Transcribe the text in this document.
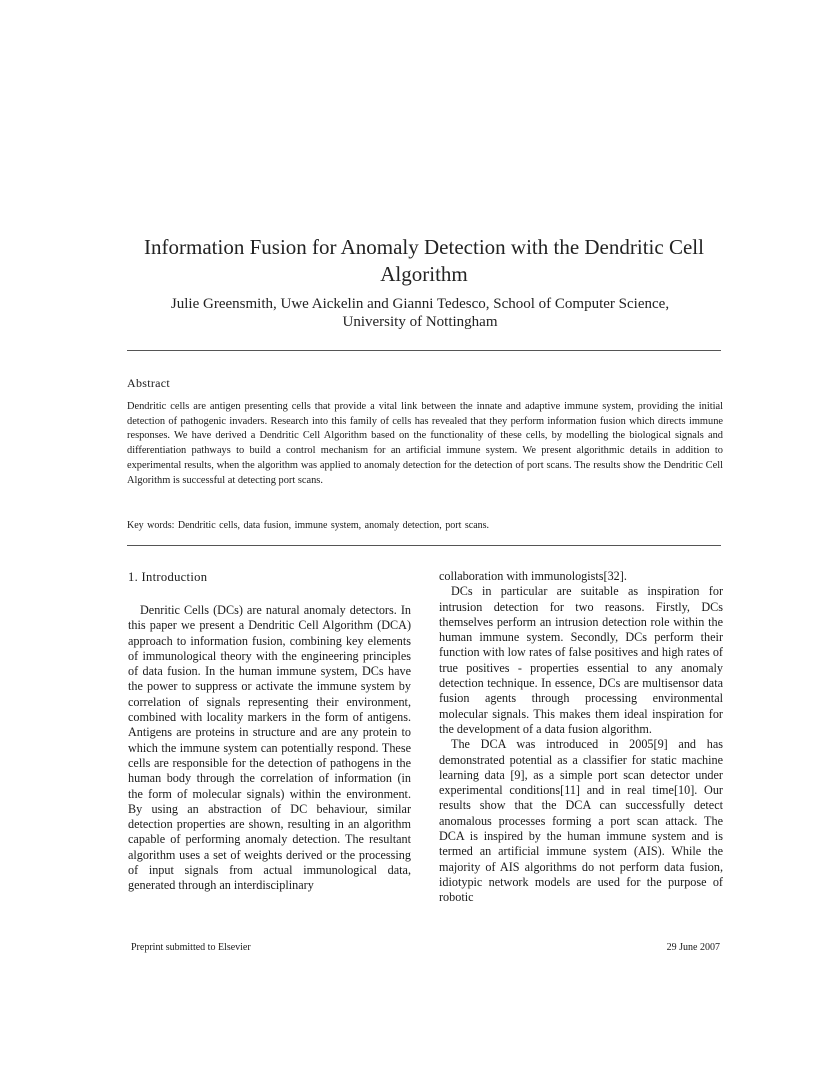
Information Fusion for Anomaly Detection with the Dendritic Cell Algorithm
Julie Greensmith, Uwe Aickelin and Gianni Tedesco, School of Computer Science,
University of Nottingham
Abstract
Dendritic cells are antigen presenting cells that provide a vital link between the innate and adaptive immune system, providing the initial detection of pathogenic invaders. Research into this family of cells has revealed that they perform information fusion which directs immune responses. We have derived a Dendritic Cell Algorithm based on the functionality of these cells, by modelling the biological signals and differentiation pathways to build a control mechanism for an artificial immune system. We present algorithmic details in addition to experimental results, when the algorithm was applied to anomaly detection for the detection of port scans. The results show the Dendritic Cell Algorithm is successful at detecting port scans.
Key words: Dendritic cells, data fusion, immune system, anomaly detection, port scans.
1. Introduction

Denritic Cells (DCs) are natural anomaly detectors. In this paper we present a Dendritic Cell Algorithm (DCA) approach to information fusion, combining key elements of immunological theory with the engineering principles of data fusion. In the human immune system, DCs have the power to suppress or activate the immune system by correlation of signals representing their environment, combined with locality markers in the form of antigens. Antigens are proteins in structure and are any protein to which the immune system can potentially respond. These cells are responsible for the detection of pathogens in the human body through the correlation of information (in the form of molecular signals) within the environment. By using an abstraction of DC behaviour, similar detection properties are shown, resulting in an algorithm capable of performing anomaly detection. The resultant algorithm uses a set of weights derived or the processing of input signals from actual immunological data, generated through an interdisciplinary

collaboration with immunologists[32].

DCs in particular are suitable as inspiration for intrusion detection for two reasons. Firstly, DCs themselves perform an intrusion detection role within the human immune system. Secondly, DCs perform their function with low rates of false positives and high rates of true positives - properties essential to any anomaly detection technique. In essence, DCs are multisensor data fusion agents through processing environmental molecular signals. This makes them ideal inspiration for the development of a data fusion algorithm.

The DCA was introduced in 2005[9] and has demonstrated potential as a classifier for static machine learning data [9], as a simple port scan detector under experimental conditions[11] and in real time[10]. Our results show that the DCA can successfully detect anomalous processes forming a port scan attack. The DCA is inspired by the human immune system and is termed an artificial immune system (AIS). While the majority of AIS algorithms do not perform data fusion, idiotypic network models are used for the purpose of robotic

Preprint submitted to Elsevier	29 June 2007
